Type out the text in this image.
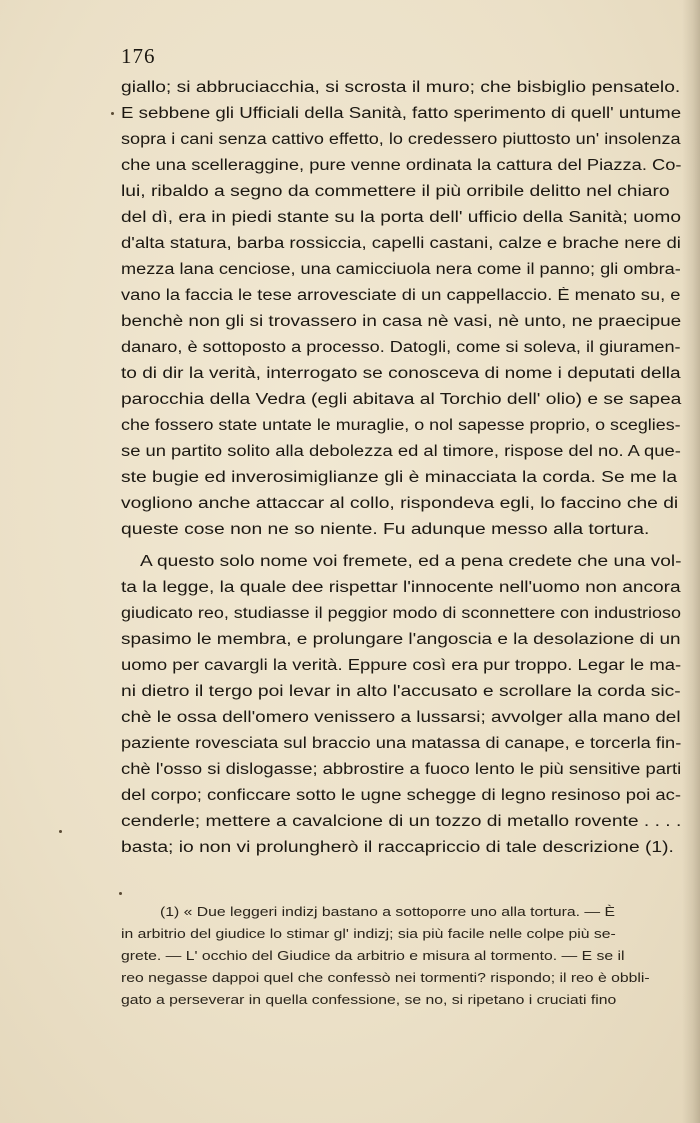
176
giallo; si abbruciacchia, si scrosta il muro; che bisbiglio pensatelo.
E sebbene gli Ufficiali della Sanità, fatto sperimento di quell' untume
sopra i cani senza cattivo effetto, lo credessero piuttosto un' insolenza
che una scelleraggine, pure venne ordinata la cattura del Piazza. Co-
lui, ribaldo a segno da commettere il più orribile delitto nel chiaro
del dì, era in piedi stante su la porta dell' ufficio della Sanità; uomo
d'alta statura, barba rossiccia, capelli castani, calze e brache nere di
mezza lana cenciose, una camicciuola nera come il panno; gli ombra-
vano la faccia le tese arrovesciate di un cappellaccio. È menato su, e
benchè non gli si trovassero in casa nè vasi, nè unto, ne praecipue
danaro, è sottoposto a processo. Datogli, come si soleva, il giuramen-
to di dir la verità, interrogato se conosceva di nome i deputati della
parocchia della Vedra (egli abitava al Torchio dell' olio) e se sapea
che fossero state untate le muraglie, o nol sapesse proprio, o sceglies-
se un partito solito alla debolezza ed al timore, rispose del no. A que-
ste bugie ed inverosimiglianze gli è minacciata la corda. Se me la
vogliono anche attaccar al collo, rispondeva egli, lo faccino che di
queste cose non ne so niente. Fu adunque messo alla tortura.
A questo solo nome voi fremete, ed a pena credete che una vol-
ta la legge, la quale dee rispettar l'innocente nell'uomo non ancora
giudicato reo, studiasse il peggior modo di sconnettere con industrioso
spasimo le membra, e prolungare l'angoscia e la desolazione di un
uomo per cavargli la verità. Eppure così era pur troppo. Legar le ma-
ni dietro il tergo poi levar in alto l'accusato e scrollare la corda sic-
chè le ossa dell'omero venissero a lussarsi; avvolger alla mano del
paziente rovesciata sul braccio una matassa di canape, e torcerla fin-
chè l'osso si dislogasse; abbrostire a fuoco lento le più sensitive parti
del corpo; conficcare sotto le ugne schegge di legno resinoso poi ac-
cenderle; mettere a cavalcione di un tozzo di metallo rovente . . . .
basta; io non vi prolungherò il raccapriccio di tale descrizione (1).
(1) « Due leggeri indizj bastano a sottoporre uno alla tortura. — È
in arbitrio del giudice lo stimar gl' indizj; sia più facile nelle colpe più se-
grete. — L' occhio del Giudice da arbitrio e misura al tormento. — E se il
reo negasse dappoi quel che confessò nei tormenti? rispondo; il reo è obbli-
gato a perseverar in quella confessione, se no, si ripetano i cruciati fino
